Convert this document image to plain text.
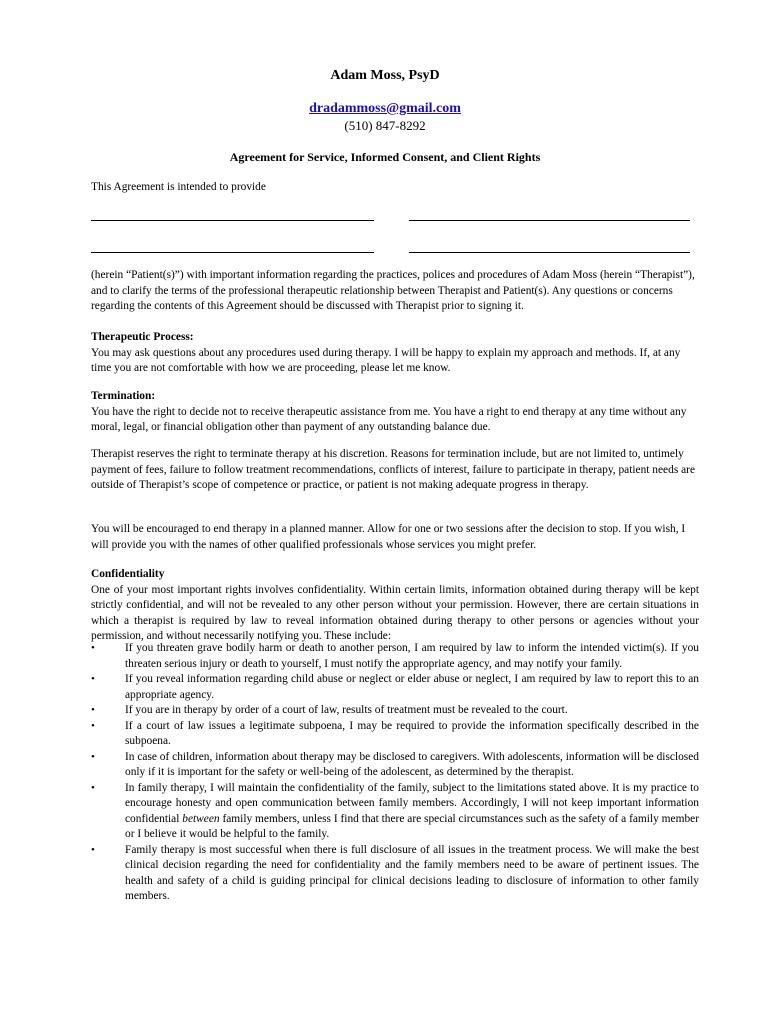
Adam Moss, PsyD
dradammoss@gmail.com
(510) 847-8292
Agreement for Service, Informed Consent, and Client Rights
This Agreement is intended to provide
(herein “Patient(s)”) with important information regarding the practices, polices and procedures of Adam Moss (herein “Therapist”), and to clarify the terms of the professional therapeutic relationship between Therapist and Patient(s). Any questions or concerns regarding the contents of this Agreement should be discussed with Therapist prior to signing it.
Therapeutic Process:
You may ask questions about any procedures used during therapy. I will be happy to explain my approach and methods. If, at any time you are not comfortable with how we are proceeding, please let me know.
Termination:
You have the right to decide not to receive therapeutic assistance from me. You have a right to end therapy at any time without any moral, legal, or financial obligation other than payment of any outstanding balance due.
Therapist reserves the right to terminate therapy at his discretion. Reasons for termination include, but are not limited to, untimely payment of fees, failure to follow treatment recommendations, conflicts of interest, failure to participate in therapy, patient needs are outside of Therapist’s scope of competence or practice, or patient is not making adequate progress in therapy.
You will be encouraged to end therapy in a planned manner. Allow for one or two sessions after the decision to stop. If you wish, I will provide you with the names of other qualified professionals whose services you might prefer.
Confidentiality
One of your most important rights involves confidentiality. Within certain limits, information obtained during therapy will be kept strictly confidential, and will not be revealed to any other person without your permission. However, there are certain situations in which a therapist is required by law to reveal information obtained during therapy to other persons or agencies without your permission, and without necessarily notifying you. These include:
• If you threaten grave bodily harm or death to another person, I am required by law to inform the intended victim(s). If you threaten serious injury or death to yourself, I must notify the appropriate agency, and may notify your family.
• If you reveal information regarding child abuse or neglect or elder abuse or neglect, I am required by law to report this to an appropriate agency.
• If you are in therapy by order of a court of law, results of treatment must be revealed to the court.
• If a court of law issues a legitimate subpoena, I may be required to provide the information specifically described in the subpoena.
• In case of children, information about therapy may be disclosed to caregivers. With adolescents, information will be disclosed only if it is important for the safety or well-being of the adolescent, as determined by the therapist.
• In family therapy, I will maintain the confidentiality of the family, subject to the limitations stated above. It is my practice to encourage honesty and open communication between family members. Accordingly, I will not keep important information confidential between family members, unless I find that there are special circumstances such as the safety of a family member or I believe it would be helpful to the family.
• Family therapy is most successful when there is full disclosure of all issues in the treatment process. We will make the best clinical decision regarding the need for confidentiality and the family members need to be aware of pertinent issues. The health and safety of a child is guiding principal for clinical decisions leading to disclosure of information to other family members.
